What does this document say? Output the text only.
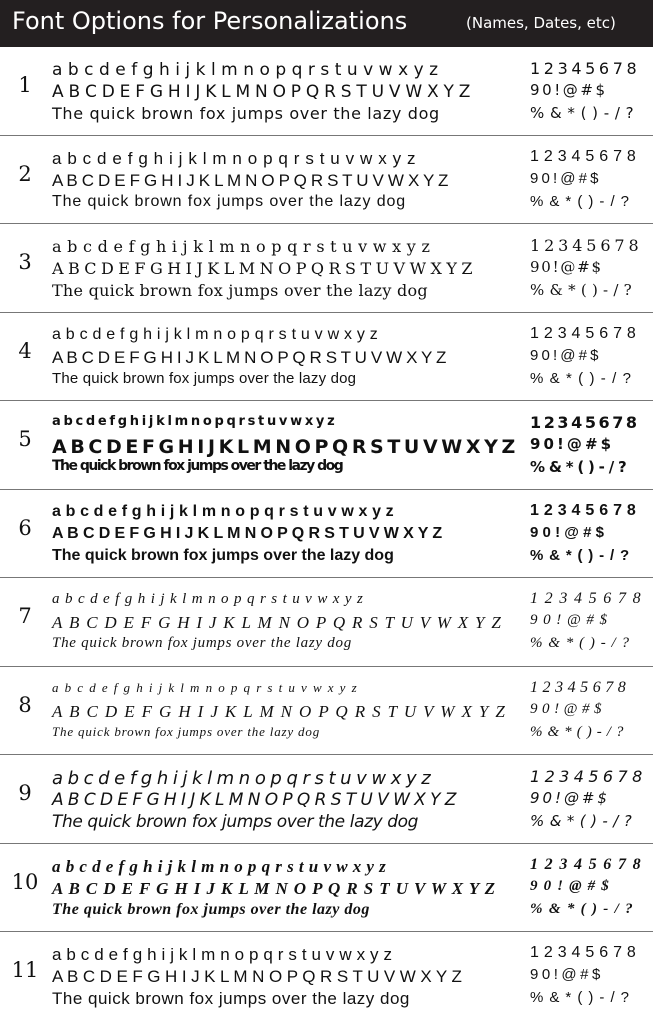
Font Options for Personalizations	(Names, Dates, etc)
1
a b c d e f g h i j k l m n o p q r s t u v w x y z
A B C D E F G H I J K L M N O P Q R S T U V W X Y Z
The quick brown fox jumps over the lazy dog
1 2 3 4 5 6 7 8
9 0 ! @ # $
% & * ( ) - / ?
2
a b c d e f g h i j k l m n o p q r s t u v w x y z
A B C D E F G H I J K L M N O P Q R S T U V W X Y Z
The quick brown fox jumps over the lazy dog
1 2 3 4 5 6 7 8
9 0 ! @ # $
% & * ( ) - / ?
3
a b c d e f g h i j k l m n o p q r s t u v w x y z
A B C D E F G H I J K L M N O P Q R S T U V W X Y Z
The quick brown fox jumps over the lazy dog
1 2 3 4 5 6 7 8
9 0 ! @ # $
% & * ( ) - / ?
4
a b c d e f g h i j k l m n o p q r s t u v w x y z
A B C D E F G H I J K L M N O P Q R S T U V W X Y Z
The quick brown fox jumps over the lazy dog
1 2 3 4 5 6 7 8
9 0 ! @ # $
% & * ( ) - / ?
5
a b c d e f g h i j k l m n o p q r s t u v w x y z
A B C D E F G H I J K L M N O P Q R S T U V W X Y Z
The quick brown fox jumps over the lazy dog
1 2 3 4 5 6 7 8
9 0 ! @ # $
% & * ( ) - / ?
6
a b c d e f g h i j k l m n o p q r s t u v w x y z
A B C D E F G H I J K L M N O P Q R S T U V W X Y Z
The quick brown fox jumps over the lazy dog
1 2 3 4 5 6 7 8
9 0 ! @ # $
% & * ( ) - / ?
7
a b c d e f g h i j k l m n o p q r s t u v w x y z
A B C D E F G H I J K L M N O P Q R S T U V W X Y Z
The quick brown fox jumps over the lazy dog
1 2 3 4 5 6 7 8
9 0 ! @ # $
% & * ( ) - / ?
8
a b c d e f g h i j k l m n o p q r s t u v w x y z
A B C D E F G H I J K L M N O P Q R S T U V W X Y Z
The quick brown fox jumps over the lazy dog
1 2 3 4 5 6 7 8
9 0 ! @ # $
% & * ( ) - / ?
9
a b c d e f g h i j k l m n o p q r s t u v w x y z
A B C D E F G H I J K L M N O P Q R S T U V W X Y Z
The quick brown fox jumps over the lazy dog
1 2 3 4 5 6 7 8
9 0 ! @ # $
% & * ( ) - / ?
10
a b c d e f g h i j k l m n o p q r s t u v w x y z
A B C D E F G H I J K L M N O P Q R S T U V W X Y Z
The quick brown fox jumps over the lazy dog
1 2 3 4 5 6 7 8
9 0 ! @ # $
% & * ( ) - / ?
11
a b c d e f g h i j k l m n o p q r s t u v w x y z
A B C D E F G H I J K L M N O P Q R S T U V W X Y Z
The quick brown fox jumps over the lazy dog
1 2 3 4 5 6 7 8
9 0 ! @ # $
% & * ( ) - / ?
